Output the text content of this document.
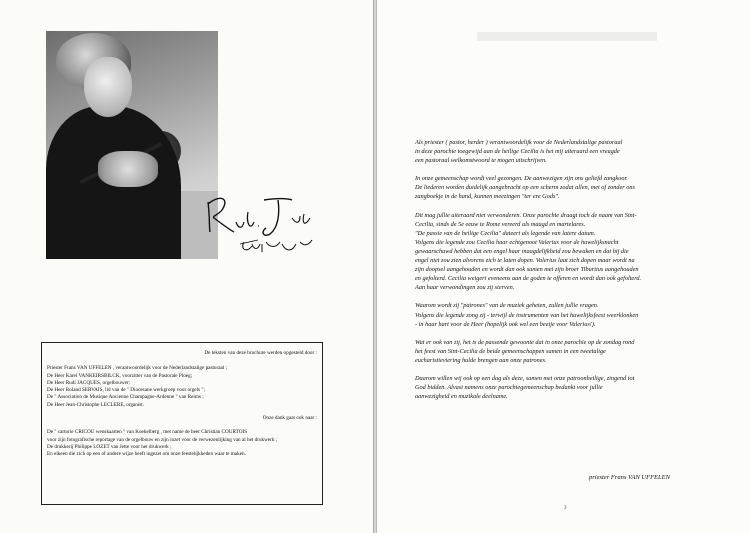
De teksten van deze brochure werden opgesteld door :
Priester Frans VAN UFFELEN , verantwoordelijk voor de Nederlandstalige pastoraal ;
De Heer Karel VANKEIRSBILCK, voorzitter van de Pastorale Ploeg;
De Heer Rudi JACQUES, orgelbouwer;
De Heer Roland SERVAIS, lid van de " Diocesane werkgroep voor orgels ";
De " Association de Musique Ancienne Champagne-Ardenne " van Reims ;
De Heer Jean-Christophe LECLERE, organist.
Onze dank gaat ook naar :
De " cartorie CRICOU wenskaarten " van Koekelberg , met name de heer Christian COURTOIS
voor zijn fotografische reportage van de orgelbouw en zijn inzet voor de verwezenlijking van al het drukwerk ;
De drukkerij Philippe LOZET van Jette voor het drukwerk ;
En elkeen die zich op een of andere wijze heeft ingezet om onze feestelijkheden waar te maken.

Als priester ( pastor, herder ) verantwoordelijk voor de Nederlandstalige pastoraal
in deze parochie toegewijd aan de heilige Cecilia is het mij uiteraard een vreugde
een pastoraal welkomstwoord te mogen uitschrijven.

In onze gemeenschap wordt veel gezongen. De aanwezigen zijn ons geliefd zangkoor.
De liederen worden duidelijk aangebracht op een scherm zodat allen, met of zonder ons
zangboekje in de hand, kunnen meezingen "ter ere Gods".

Dit mag jullie uiteraard niet verwonderen. Onze parochie draagt toch de naam van Sint-
Cecilia, sinds de 5e eeuw te Rome vereerd als maagd en martelares.
"De passie van de heilige Cecilia" dateert als legende van latere datum.
Volgens die legende zou Cecilia haar echtgenoot Valerius voor de huwelijksnacht
gewaarschuwd hebben dat een engel haar maagdelijkheid zou bewaken en dat hij die
engel niet zou zien alvorens zich te laten dopen. Valerius laat zich dopen maar wordt na
zijn doopsel aangehouden en wordt dan ook samen met zijn broer Tiburtius aangehouden
en gefolterd. Cecilia weigert eveneens aan de goden te offeren en wordt dan ook gefolterd.
Aan haar verwondingen zou zij sterven.

Waarom wordt zij "patrones" van de muziek geheten, zullen jullie vragen.
Volgens die legende zong zij - terwijl de instrumenten van het huwelijksfeest weerklonken
- in haar hart voor de Heer (hopelijk ook wel een beetje voor Valerius!).

Wat er ook van zij, het is de passende gewoonte dat in onze parochie op de zondag rond
het feest van Sint-Cecilia de beide gemeenschappen samen in een tweetalige
eucharistieviering hulde brengen aan onze patrones.

Daarom willen wij ook op een dag als deze, samen met onze patroonheilige, zingend tot
God bidden. Alvast namens onze parochiegemeenschap bedankt voor jullie
aanwezigheid en muzikale deelname.

priester Frans VAN UFFELEN
3
